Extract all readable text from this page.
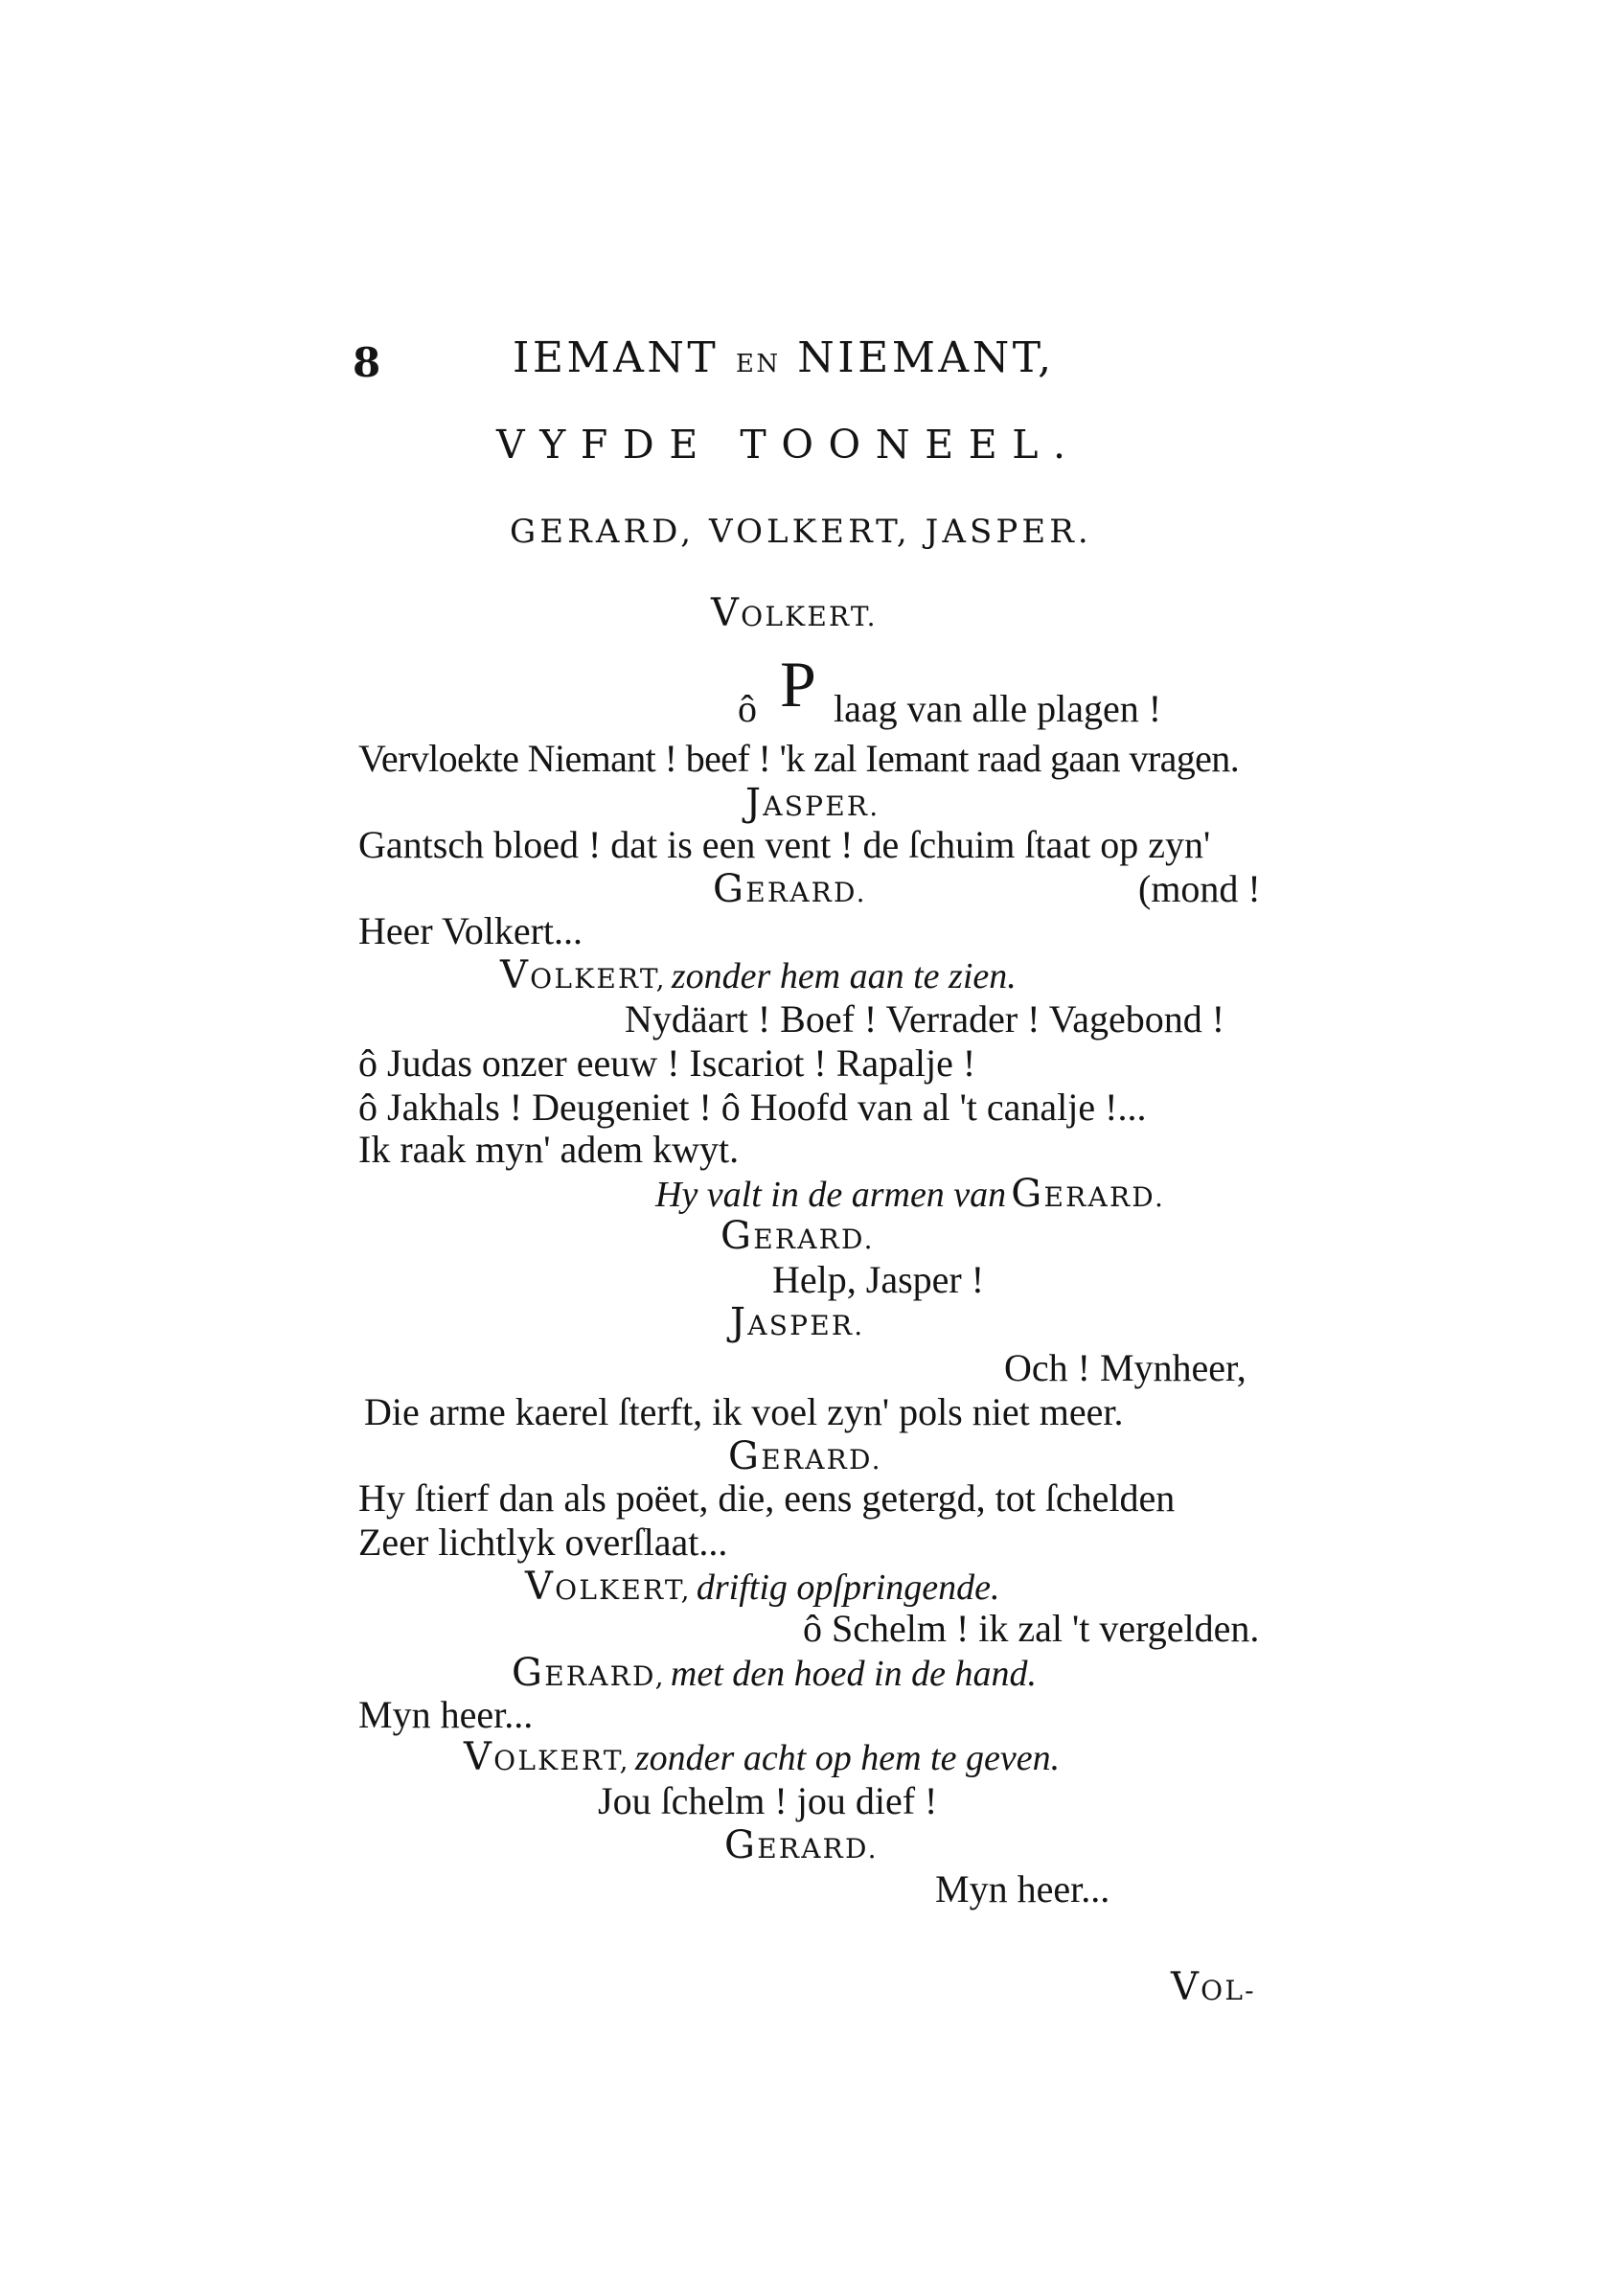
8	IEMANT EN NIEMANT,
VYFDE TOONEEL.
GERARD, VOLKERT, JASPER.
VOLKERT.
ô P laag van alle plagen !
Vervloekte Niemant ! beef ! 'k zal Iemant raad gaan vragen.
JASPER.
Gantsch bloed ! dat is een vent ! de ſchuim ſtaat op zyn'
GERARD.	(mond !
Heer Volkert...
VOLKERT, zonder hem aan te zien.
Nydäart ! Boef ! Verrader ! Vagebond !
ô Judas onzer eeuw ! Iscariot ! Rapalje !
ô Jakhals ! Deugeniet ! ô Hoofd van al 't canalje !...
Ik raak myn' adem kwyt.
Hy valt in de armen van GERARD.
GERARD.
Help, Jasper !
JASPER.
Och ! Mynheer,
Die arme kaerel ſterft, ik voel zyn' pols niet meer.
GERARD.
Hy ſtierf dan als poëet, die, eens getergd, tot ſchelden
Zeer lichtlyk overſlaat...
VOLKERT, driftig opſpringende.
ô Schelm ! ik zal 't vergelden.
GERARD, met den hoed in de hand.
Myn heer...
VOLKERT, zonder acht op hem te geven.
Jou ſchelm ! jou dief !
GERARD.
Myn heer...
VOL-
